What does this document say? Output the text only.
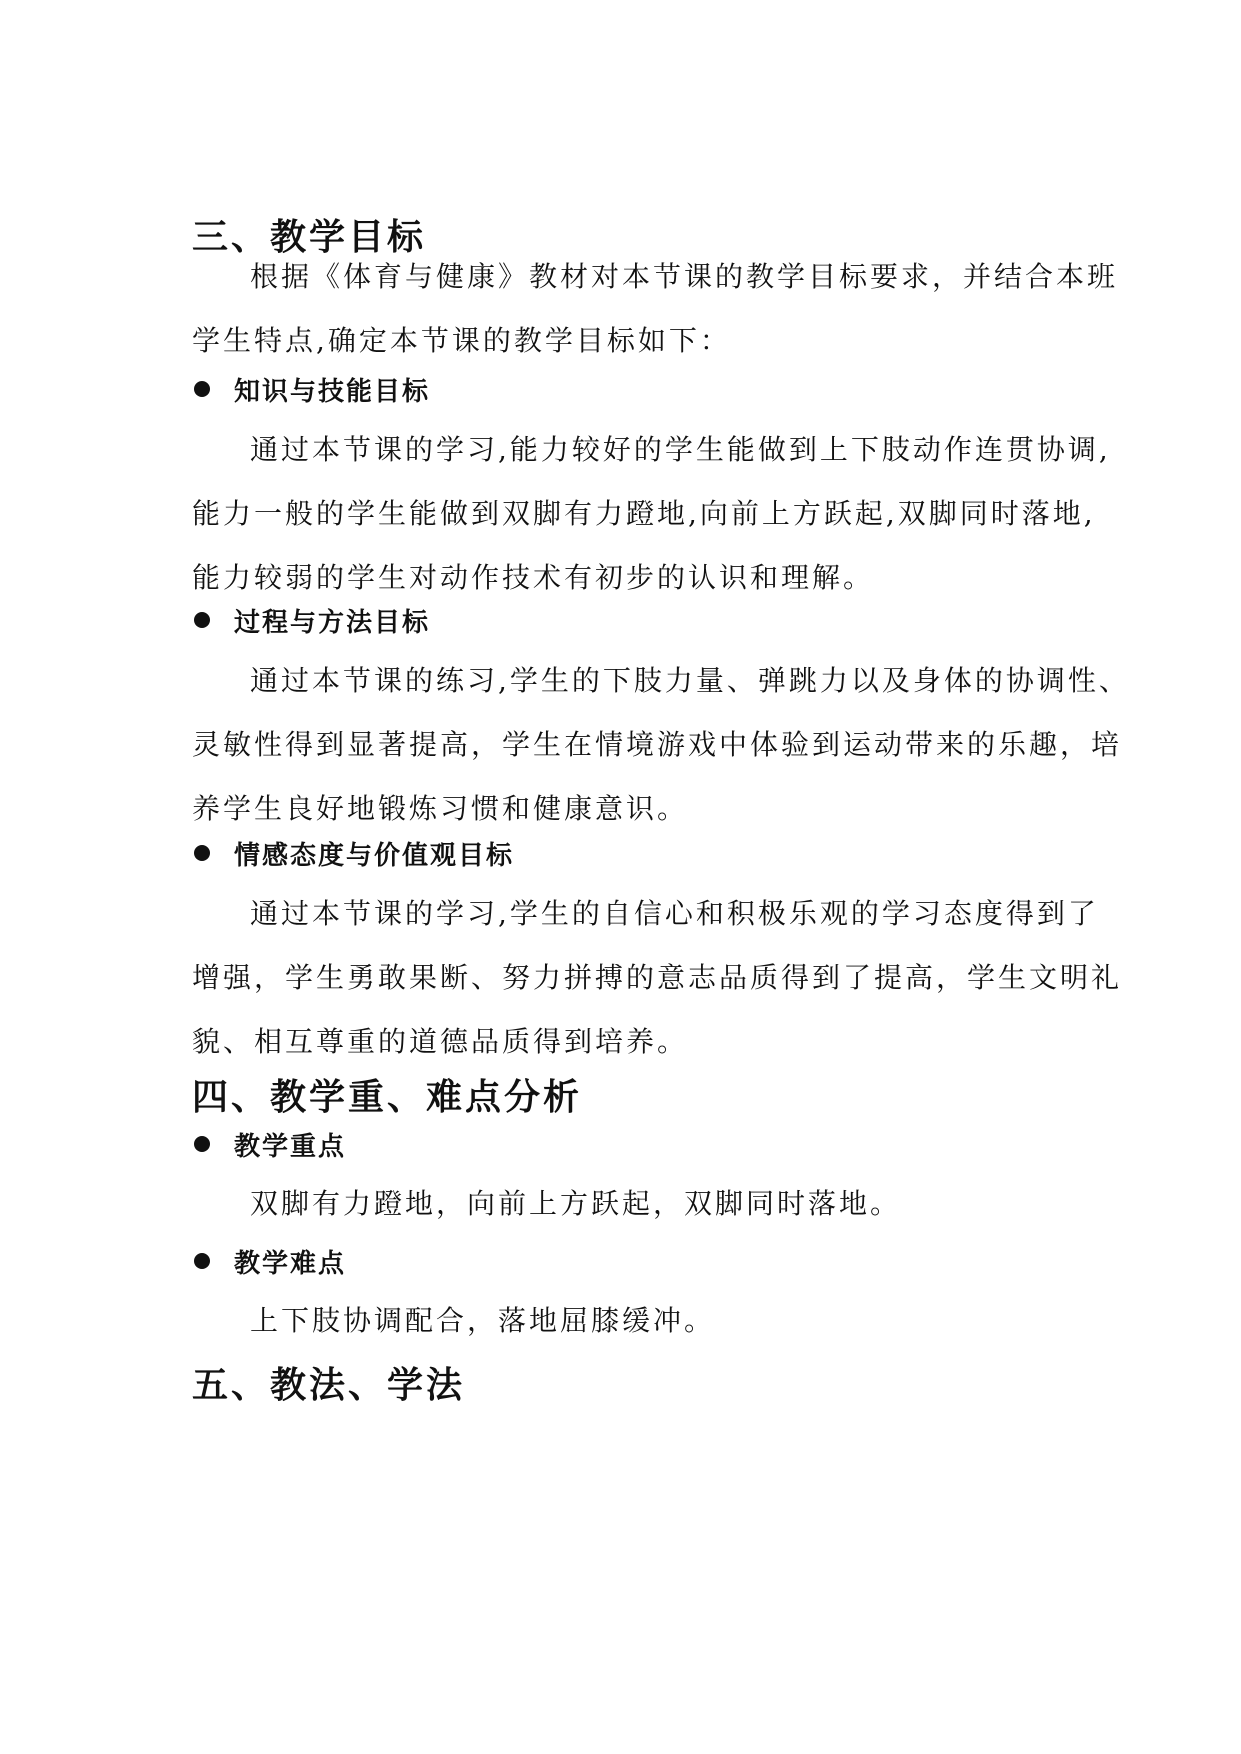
三、教学目标
根据《体育与健康》教材对本节课的教学目标要求，并结合本班
学生特点,确定本节课的教学目标如下：
知识与技能目标
通过本节课的学习,能力较好的学生能做到上下肢动作连贯协调,
能力一般的学生能做到双脚有力蹬地,向前上方跃起,双脚同时落地,
能力较弱的学生对动作技术有初步的认识和理解。
过程与方法目标
通过本节课的练习,学生的下肢力量、弹跳力以及身体的协调性、
灵敏性得到显著提高，学生在情境游戏中体验到运动带来的乐趣，培
养学生良好地锻炼习惯和健康意识。
情感态度与价值观目标
通过本节课的学习,学生的自信心和积极乐观的学习态度得到了
增强，学生勇敢果断、努力拼搏的意志品质得到了提高，学生文明礼
貌、相互尊重的道德品质得到培养。
四、教学重、难点分析
教学重点
双脚有力蹬地，向前上方跃起，双脚同时落地。
教学难点
上下肢协调配合，落地屈膝缓冲。
五、教法、学法
